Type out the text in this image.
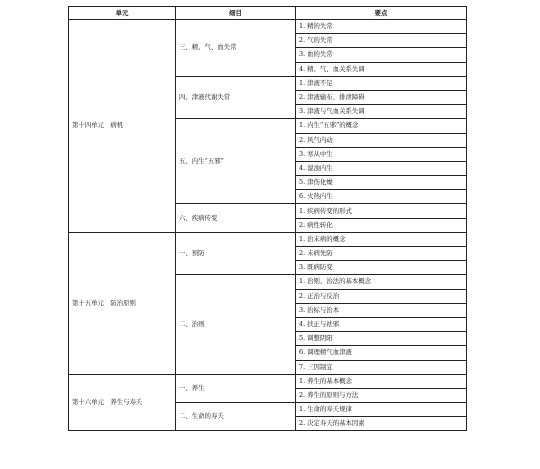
单元	细目	要点
第十四单元　病机	三、精、气、血失常	1. 精的失常
		2. 气的失常
		3. 血的失常
		4. 精、气、血关系失调
	四、津液代谢失常	1. 津液不足
		2. 津液输布、排泄障碍
		3. 津液与气血关系失调
	五、内生“五邪”	1. 内生“五邪”的概念
		2. 风气内动
		3. 寒从中生
		4. 湿浊内生
		5. 津伤化燥
		6. 火热内生
	六、疾病传变	1. 疾病传变的形式
		2. 病性转化
第十五单元　防治原则	一、预防	1. 治未病的概念
		2. 未病先防
		3. 既病防变
	二、治则	1. 治则、治法的基本概念
		2. 正治与反治
		3. 治标与治本
		4. 扶正与祛邪
		5. 调整阴阳
		6. 调理精气血津液
		7. 三因制宜
第十六单元　养生与寿夭	一、养生	1. 养生的基本概念
		2. 养生的原则与方法
	二、生命的寿夭	1. 生命的寿夭规律
		2. 决定寿夭的基本因素
